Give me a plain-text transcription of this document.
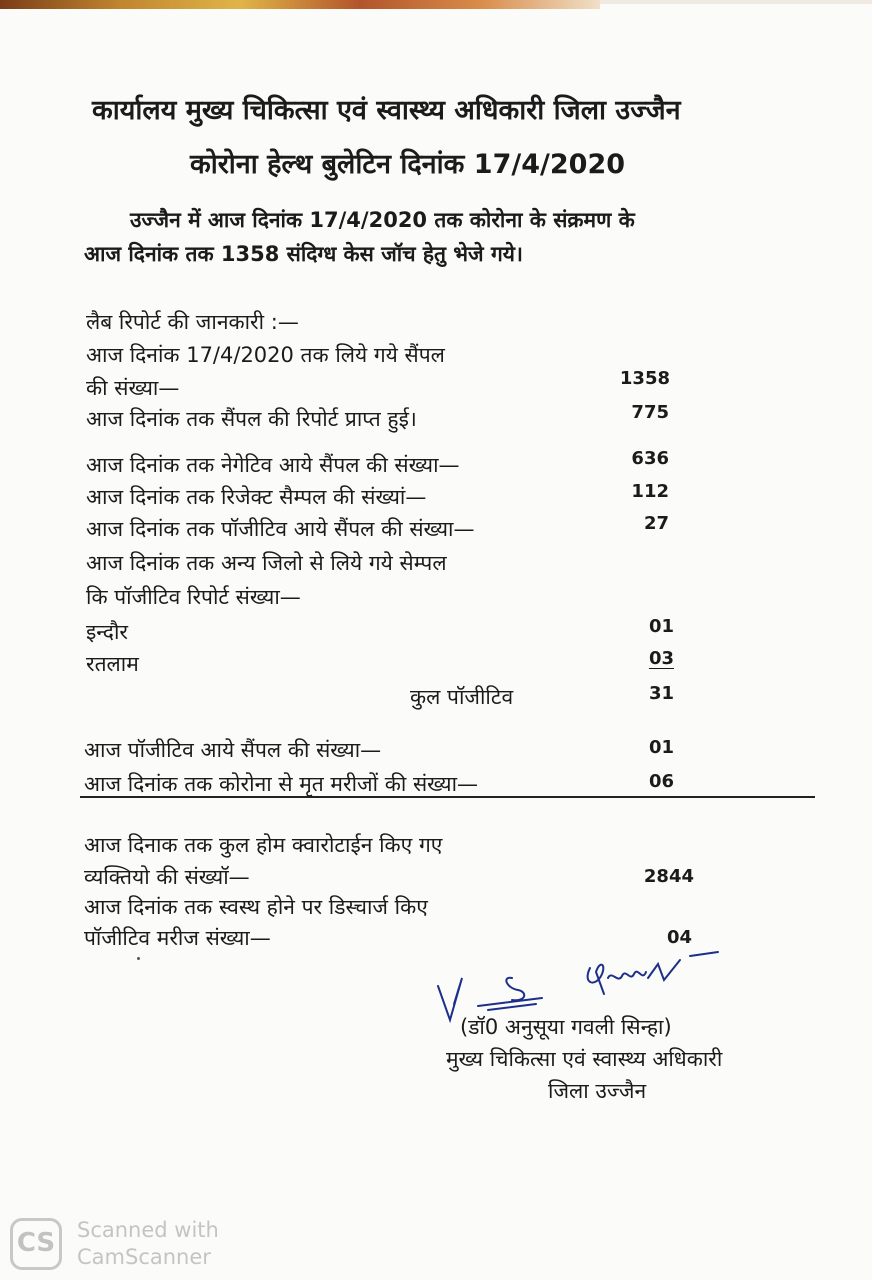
कार्यालय मुख्य चिकित्सा एवं स्वास्थ्य अधिकारी जिला उज्जैन
कोरोना हेल्थ बुलेटिन दिनांक 17/4/2020
उज्जैन में आज दिनांक 17/4/2020 तक कोरोना के संक्रमण के
आज दिनांक तक 1358 संदिग्ध केस जॉच हेतु भेजे गये।
लैब रिपोर्ट की जानकारी :—
आज दिनांक 17/4/2020 तक लिये गये सैंपल
की संख्या—	1358
आज दिनांक तक सैंपल की रिपोर्ट प्राप्त हुई।	775
आज दिनांक तक नेगेटिव आये सैंपल की संख्या—	636
आज दिनांक तक रिजेक्ट सैम्पल की संख्यां—	112
आज दिनांक तक पॉजीटिव आये सैंपल की संख्या—	27
आज दिनांक तक अन्य जिलो से लिये गये सेम्पल
कि पॉजीटिव रिपोर्ट संख्या—
इन्दौर	01
रतलाम	03
कुल पॉजीटिव	31
आज पॉजीटिव आये सैंपल की संख्या—	01
आज दिनांक तक कोरोना से मृत मरीजों की संख्या—	06
आज दिनाक तक कुल होम क्वारोटाईन किए गए
व्यक्तियो की संख्यॉ—	2844
आज दिनांक तक स्वस्थ होने पर डिस्चार्ज किए
पॉजीटिव मरीज संख्या—	04
(डॉ0 अनुसूया गवली सिन्हा)
मुख्य चिकित्सा एवं स्वास्थ्य अधिकारी
जिला उज्जैन
CS	Scanned with
CamScanner
